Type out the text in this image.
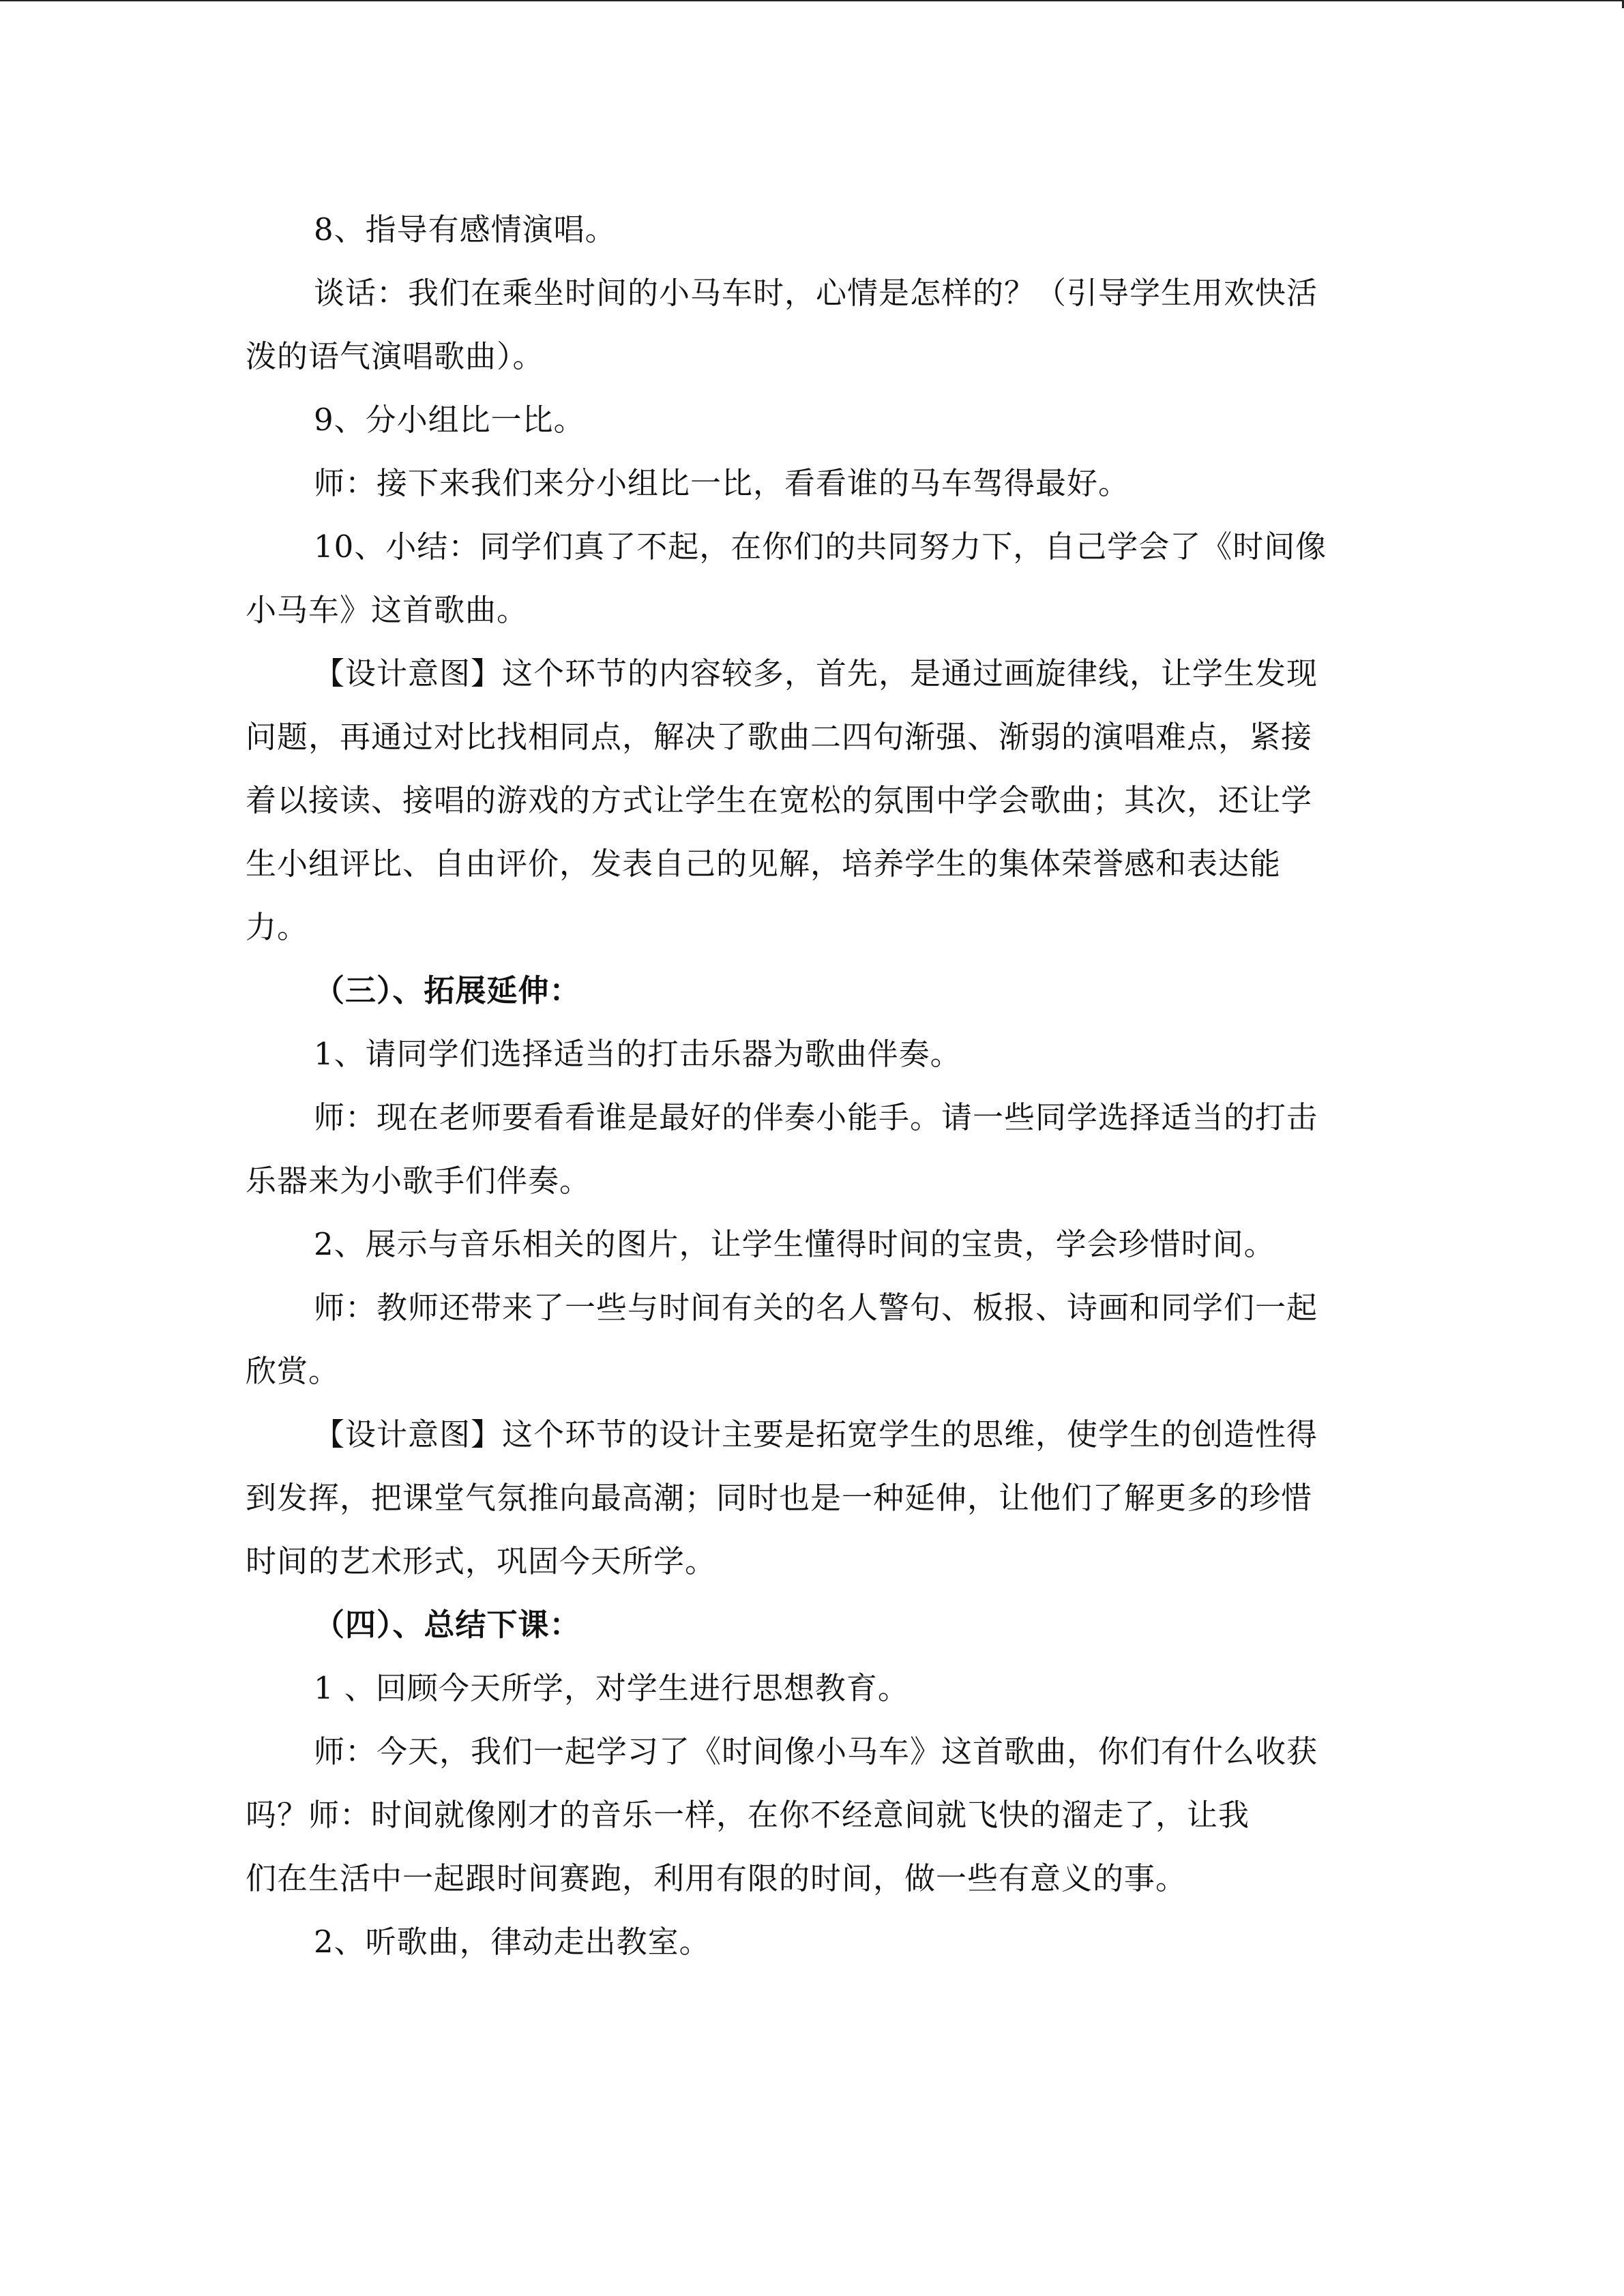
8、指导有感情演唱。
谈话：我们在乘坐时间的小马车时，心情是怎样的？（引导学生用欢快活
泼的语气演唱歌曲）。
9、分小组比一比。
师：接下来我们来分小组比一比，看看谁的马车驾得最好。
10、小结：同学们真了不起，在你们的共同努力下，自己学会了《时间像
小马车》这首歌曲。
【设计意图】这个环节的内容较多，首先，是通过画旋律线，让学生发现
问题，再通过对比找相同点，解决了歌曲二四句渐强、渐弱的演唱难点，紧接
着以接读、接唱的游戏的方式让学生在宽松的氛围中学会歌曲；其次，还让学
生小组评比、自由评价，发表自己的见解，培养学生的集体荣誉感和表达能
力。
（三）、拓展延伸：
1、请同学们选择适当的打击乐器为歌曲伴奏。
师：现在老师要看看谁是最好的伴奏小能手。请一些同学选择适当的打击
乐器来为小歌手们伴奏。
2、展示与音乐相关的图片，让学生懂得时间的宝贵，学会珍惜时间。
师：教师还带来了一些与时间有关的名人警句、板报、诗画和同学们一起
欣赏。
【设计意图】这个环节的设计主要是拓宽学生的思维，使学生的创造性得
到发挥，把课堂气氛推向最高潮；同时也是一种延伸，让他们了解更多的珍惜
时间的艺术形式，巩固今天所学。
（四）、总结下课：
1 、回顾今天所学，对学生进行思想教育。
师：今天，我们一起学习了《时间像小马车》这首歌曲，你们有什么收获
吗？师：时间就像刚才的音乐一样，在你不经意间就飞快的溜走了，让我
们在生活中一起跟时间赛跑，利用有限的时间，做一些有意义的事。
2、听歌曲，律动走出教室。
